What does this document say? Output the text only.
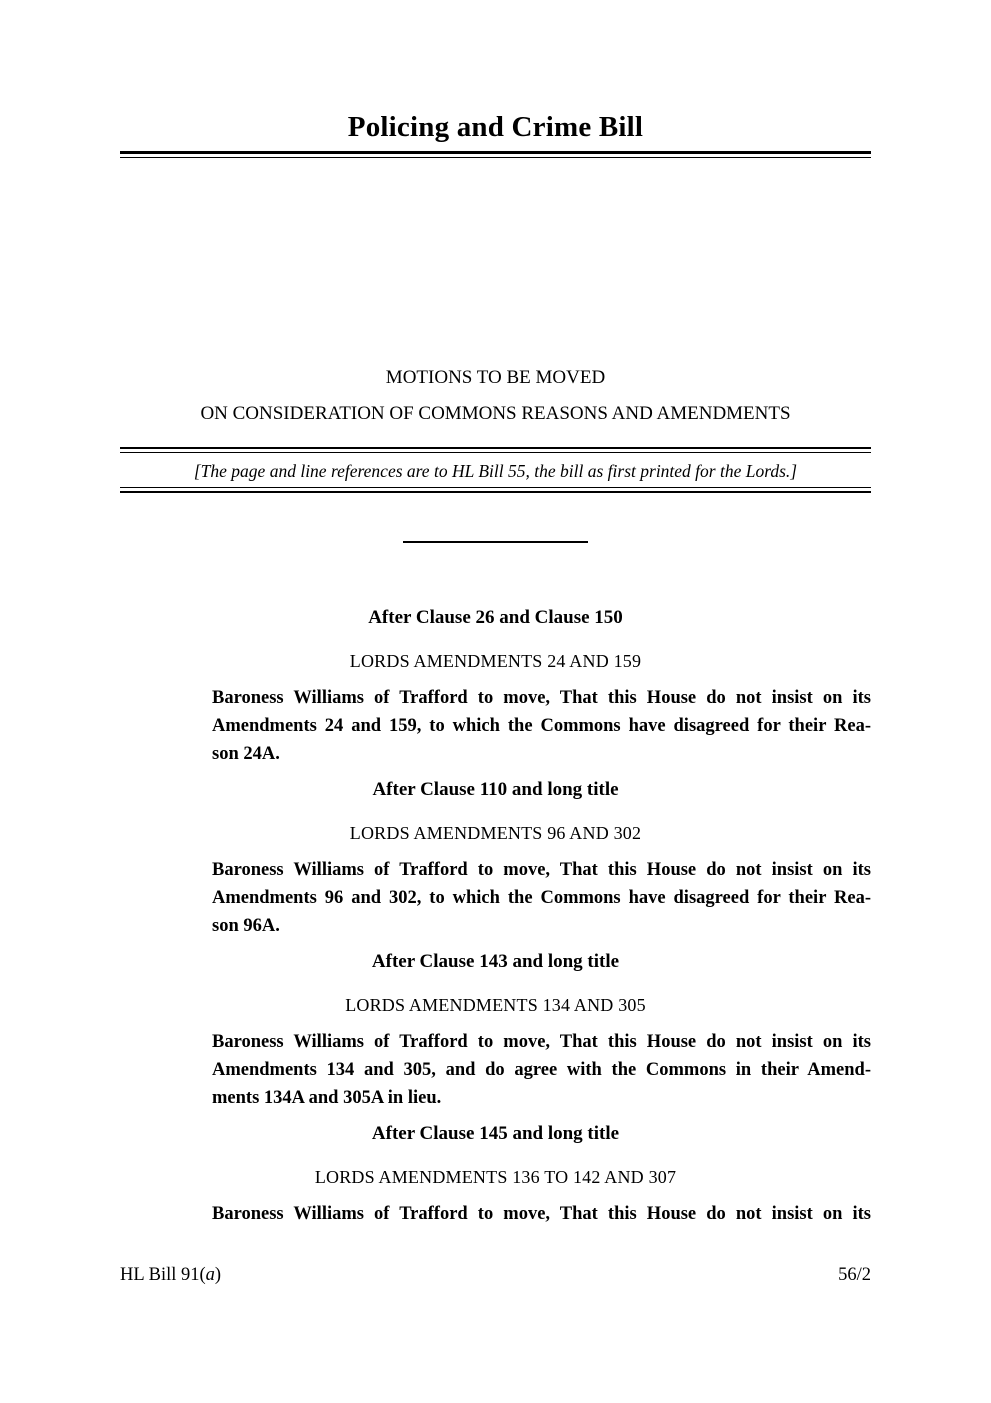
Policing and Crime Bill
MOTIONS TO BE MOVED
ON CONSIDERATION OF COMMONS REASONS AND AMENDMENTS
[The page and line references are to HL Bill 55, the bill as first printed for the Lords.]
After Clause 26 and Clause 150
LORDS AMENDMENTS 24 AND 159
Baroness Williams of Trafford to move, That this House do not insist on its
Amendments 24 and 159, to which the Commons have disagreed for their Rea-
son 24A.
After Clause 110 and long title
LORDS AMENDMENTS 96 AND 302
Baroness Williams of Trafford to move, That this House do not insist on its
Amendments 96 and 302, to which the Commons have disagreed for their Rea-
son 96A.
After Clause 143 and long title
LORDS AMENDMENTS 134 AND 305
Baroness Williams of Trafford to move, That this House do not insist on its
Amendments 134 and 305, and do agree with the Commons in their Amend-
ments 134A and 305A in lieu.
After Clause 145 and long title
LORDS AMENDMENTS 136 TO 142 AND 307
Baroness Williams of Trafford to move, That this House do not insist on its
HL Bill 91(a)	56/2
